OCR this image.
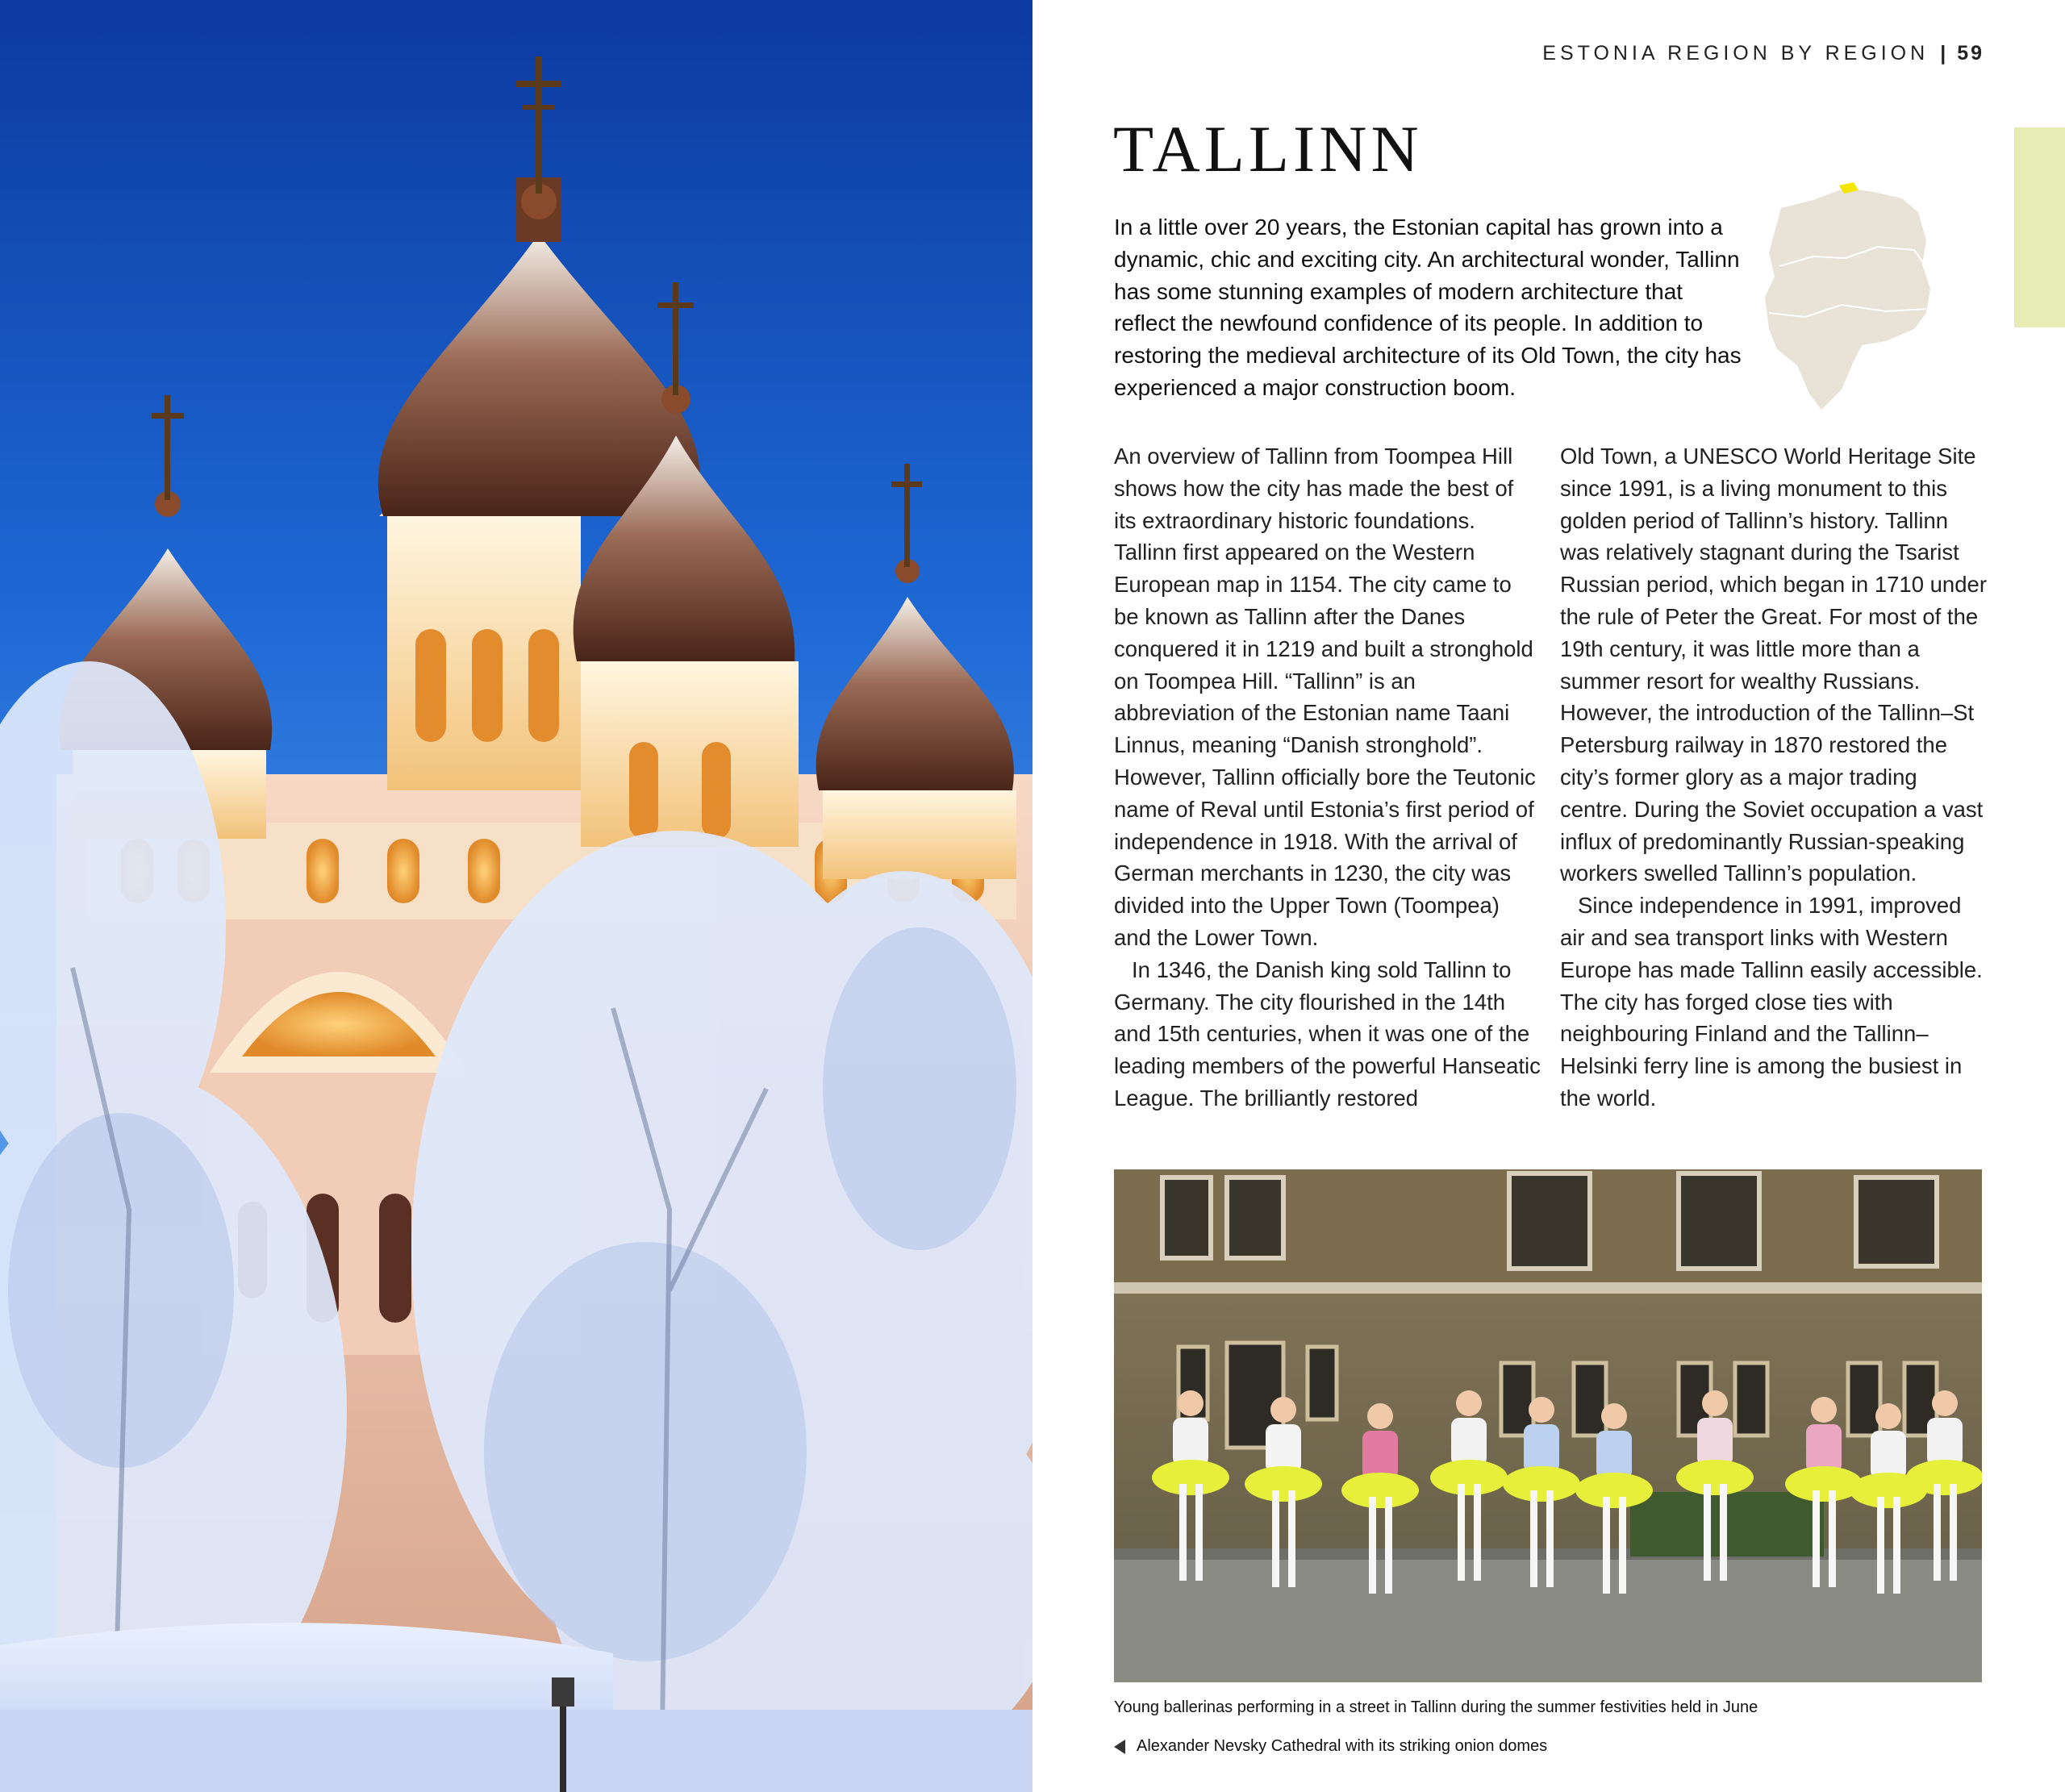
ESTONIA REGION BY REGION | 59
TALLINN

In a little over 20 years, the Estonian capital has grown into a dynamic, chic and exciting city. An architectural wonder, Tallinn has some stunning examples of modern architecture that reflect the newfound confidence of its people. In addition to restoring the medieval architecture of its Old Town, the city has experienced a major construction boom.

An overview of Tallinn from Toompea Hill shows how the city has made the best of its extraordinary historic foundations. Tallinn first appeared on the Western European map in 1154. The city came to be known as Tallinn after the Danes conquered it in 1219 and built a stronghold on Toompea Hill. “Tallinn” is an abbreviation of the Estonian name Taani Linnus, meaning “Danish stronghold”. However, Tallinn officially bore the Teutonic name of Reval until Estonia’s first period of independence in 1918. With the arrival of German merchants in 1230, the city was divided into the Upper Town (Toompea) and the Lower Town.

In 1346, the Danish king sold Tallinn to Germany. The city flourished in the 14th and 15th centuries, when it was one of the leading members of the powerful Hanseatic League. The brilliantly restored

Old Town, a UNESCO World Heritage Site since 1991, is a living monument to this golden period of Tallinn’s history. Tallinn was relatively stagnant during the Tsarist Russian period, which began in 1710 under the rule of Peter the Great. For most of the 19th century, it was little more than a summer resort for wealthy Russians. However, the introduction of the Tallinn–St Petersburg railway in 1870 restored the city’s former glory as a major trading centre. During the Soviet occupation a vast influx of predominantly Russian-speaking workers swelled Tallinn’s population.

Since independence in 1991, improved air and sea transport links with Western Europe has made Tallinn easily accessible. The city has forged close ties with neighbouring Finland and the Tallinn–Helsinki ferry line is among the busiest in the world.

Young ballerinas performing in a street in Tallinn during the summer festivities held in June
Alexander Nevsky Cathedral with its striking onion domes
